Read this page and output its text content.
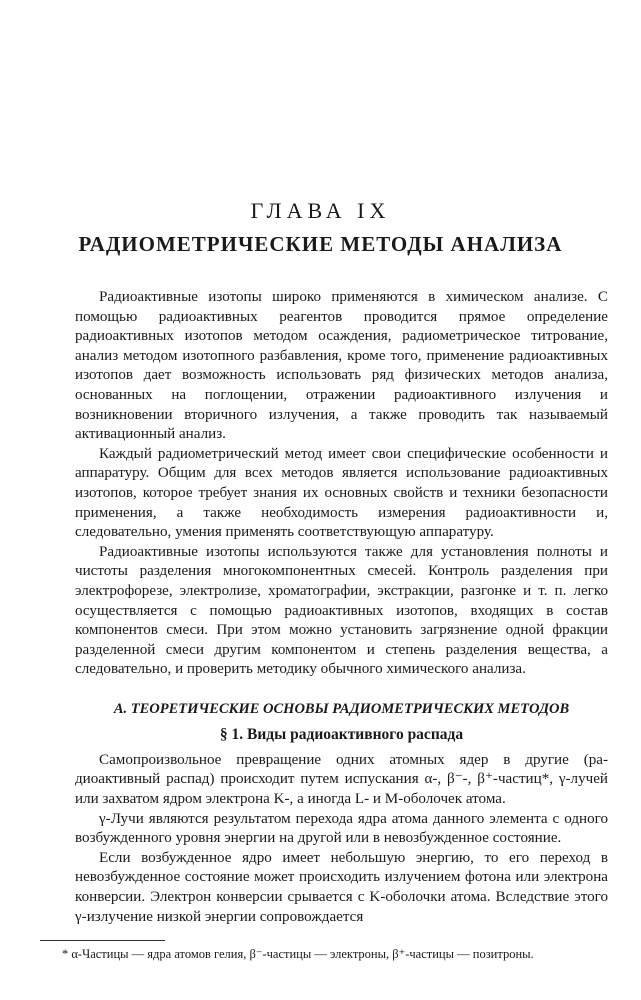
ГЛАВА IX
РАДИОМЕТРИЧЕСКИЕ МЕТОДЫ АНАЛИЗА

Радиоактивные изотопы широко применяются в химическом анализе. С помощью радиоактивных реагентов проводится прямое определение радиоактивных изотопов методом осаждения, радиометрическое титрование, анализ методом изотопного разбавления, кроме того, применение радиоактивных изотопов дает возможность использовать ряд физических методов анализа, основанных на поглощении, отражении радиоактивного излучения и возникновении вторичного излучения, а также проводить так называемый активационный анализ.

Каждый радиометрический метод имеет свои специфические особенности и аппаратуру. Общим для всех методов является использование радиоактивных изотопов, которое требует знания их основных свойств и техники безопасности применения, а также необходимость измерения радиоактивности и, следовательно, умения применять соответствующую аппаратуру.

Радиоактивные изотопы используются также для установления полноты и чистоты разделения многокомпонентных смесей. Контроль разделения при электрофорезе, электролизе, хроматографии, экстракции, разгонке и т. п. легко осуществляется с помощью радиоактивных изотопов, входящих в состав компонентов смеси. При этом можно установить загрязнение одной фракции разделенной смеси другим компонентом и степень разделения вещества, а следовательно, и проверить методику обычного химического анализа.

А. ТЕОРЕТИЧЕСКИЕ ОСНОВЫ РАДИОМЕТРИЧЕСКИХ МЕТОДОВ
§ 1. Виды радиоактивного распада

Самопроизвольное превращение одних атомных ядер в другие (радиоактивный распад) происходит путем испускания α-, β⁻-, β⁺-частиц*, γ-лучей или захватом ядром электрона K-, а иногда L- и M-оболочек атома.

γ-Лучи являются результатом перехода ядра атома данного элемента с одного возбужденного уровня энергии на другой или в невозбужденное состояние.

Если возбужденное ядро имеет небольшую энергию, то его переход в невозбужденное состояние может происходить излучением фотона или электрона конверсии. Электрон конверсии срывается с K-оболочки атома. Вследствие этого γ-излучение низкой энергии сопровождается

* α-Частицы — ядра атомов гелия, β⁻-частицы — электроны, β⁺-частицы — позитроны.
